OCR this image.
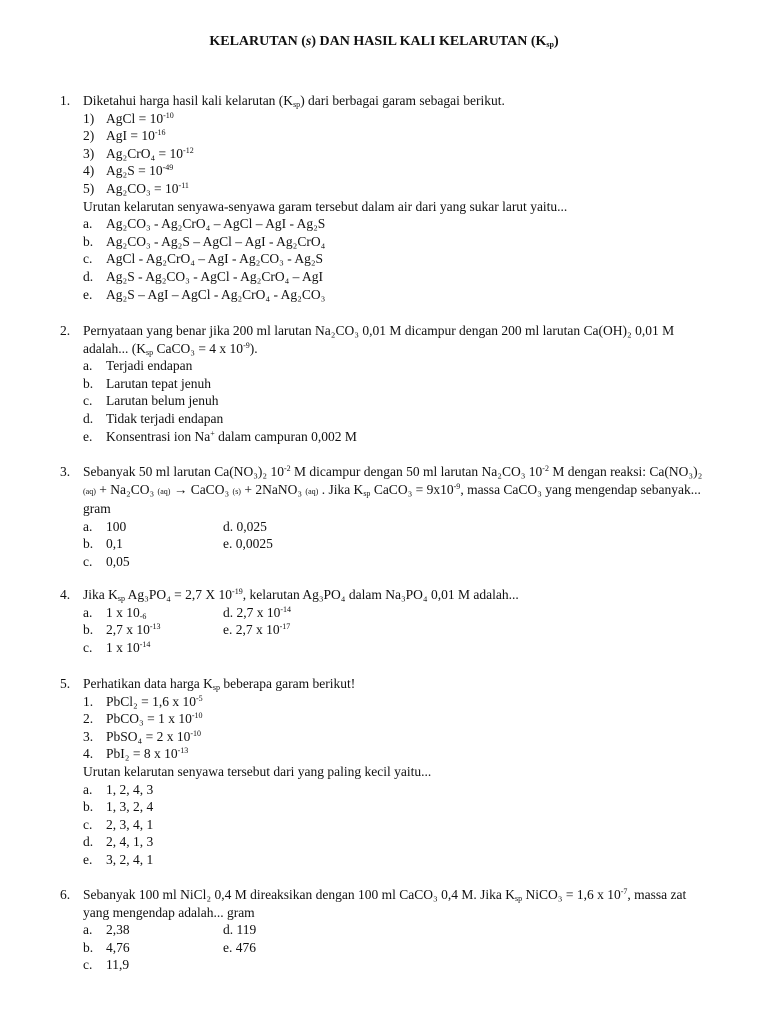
KELARUTAN (s) DAN HASIL KALI KELARUTAN $(K_{sp})$
1. Diketahui harga hasil kali kelarutan $(K_{sp})$ dari berbagai garam sebagai berikut.
1) AgCl = $10^{-10}$
2) AgI = $10^{-16}$
3) $Ag_2CrO_4 = 10^{-12}$
4) $Ag_2S = 10^{-49}$
5) $Ag_2CO_3 = 10^{-11}$
Urutan kelarutan senyawa-senyawa garam tersebut dalam air dari yang sukar larut yaitu...
a. Ag₂CO₃ - Ag₂CrO₄ – AgCl – AgI - Ag₂S
b. Ag₂CO₃ - Ag₂S – AgCl – AgI - Ag₂CrO₄
c. AgCl - Ag₂CrO₄ – AgI - Ag₂CO₃ - Ag₂S
d. Ag₂S - Ag₂CO₃ - AgCl - Ag₂CrO₄ – AgI
e. Ag₂S – AgI – AgCl - Ag₂CrO₄ - Ag₂CO₃
2. Pernyataan yang benar jika 200 ml larutan Na₂CO₃ 0,01 M dicampur dengan 200 ml larutan Ca(OH)₂ 0,01 M
adalah... ($K_{sp}$ CaCO₃ = 4 x $10^{-9}$).
a. Terjadi endapan
b. Larutan tepat jenuh
c. Larutan belum jenuh
d. Tidak terjadi endapan
e. Konsentrasi ion Na+ dalam campuran 0,002 M
3. Sebanyak 50 ml larutan Ca(NO₃)₂ $10^{-2}$ M dicampur dengan 50 ml larutan Na₂CO₃ $10^{-2}$ M dengan reaksi: Ca(NO₃)₂
(aq) + Na₂CO₃ (aq) → CaCO₃ (s) + 2NaNO₃ (aq) . Jika $K_{sp}$ CaCO₃ = $9x10^{-9}$, massa CaCO₃ yang mengendap sebanyak...
gram
a. 100	d. 0,025
b. 0,1	e. 0,0025
c. 0,05
4. Jika $K_{sp}$ Ag₃PO₄ = 2,7 X $10^{-19}$, kelarutan Ag₃PO₄ dalam Na₃PO₄ 0,01 M adalah...
a. 1 x $10_{-6}$	d. 2,7 x $10^{-14}$
b. 2,7 x $10^{-13}$	e. 2,7 x $10^{-17}$
c. 1 x $10^{-14}$
5. Perhatikan data harga $K_{sp}$ beberapa garam berikut!
1. PbCl₂ = 1,6 x $10^{-5}$
2. PbCO₃ = 1 x $10^{-10}$
3. PbSO₄ = 2 x $10^{-10}$
4. PbI₂ = 8 x $10^{-13}$
Urutan kelarutan senyawa tersebut dari yang paling kecil yaitu...
a. 1, 2, 4, 3
b. 1, 3, 2, 4
c. 2, 3, 4, 1
d. 2, 4, 1, 3
e. 3, 2, 4, 1
6. Sebanyak 100 ml NiCl₂ 0,4 M direaksikan dengan 100 ml CaCO₃ 0,4 M. Jika $K_{sp}$ NiCO₃ = 1,6 x $10^{-7}$, massa zat
yang mengendap adalah... gram
a. 2,38	d. 119
b. 4,76	e. 476
c. 11,9
